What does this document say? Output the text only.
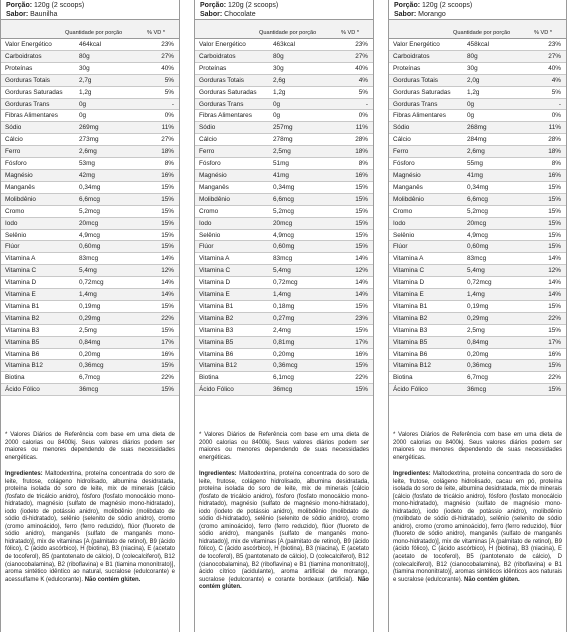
Porção: 120g (2 scoops)
Sabor: Baunilha
Quantidade por porção	% VD *
Valor Energético	464kcal	23%
Carboidratos	80g	27%
Proteínas	30g	40%
Gorduras Totais	2,7g	5%
Gorduras Saturadas	1,2g	5%
Gorduras Trans	0g	-
Fibras Alimentares	0g	0%
Sódio	269mg	11%
Cálcio	273mg	27%
Ferro	2,6mg	18%
Fósforo	53mg	8%
Magnésio	42mg	16%
Manganês	0,34mg	15%
Molibdênio	6,6mcg	15%
Cromo	5,2mcg	15%
Iodo	20mcg	15%
Selênio	4,9mcg	15%
Flúor	0,60mg	15%
Vitamina A	83mcg	14%
Vitamina C	5,4mg	12%
Vitamina D	0,72mcg	14%
Vitamina E	1,4mg	14%
Vitamina B1	0,19mg	15%
Vitamina B2	0,29mg	22%
Vitamina B3	2,5mg	15%
Vitamina B5	0,84mg	17%
Vitamina B6	0,20mg	16%
Vitamina B12	0,36mcg	15%
Biotina	6,7mcg	22%
Ácido Fólico	36mcg	15%
* Valores Diários de Referência com base em uma dieta de 2000 calorias ou 8400kj. Seus valores diários podem ser maiores ou menores dependendo de suas necessidades energéticas.
Ingredientes: Maltodextrina, proteína concentrada do soro de leite, frutose, colágeno hidrolisado, albumina desidratada, proteína isolada do soro de leite, mix de minerais [cálcio (fosfato de tricálcio anidro), fósforo (fosfato monocálcio mono-hidratado), magnésio (sulfato de magnésio mono-hidratado), iodo (iodeto de potássio anidro), molibdênio (molibdato de sódio di-hidratado), selênio (selenito de sódio anidro), cromo (cromo aminoácido), ferro (ferro reduzido), flúor (fluoreto de sódio anidro), manganês (sulfato de manganês mono-hidratado)], mix de vitaminas [A (palmitato de retinol), B9 (ácido fólico), C (ácido ascórbico), H (biotina), B3 (niacina), E (acetato de tocoferol), B5 (pantotenato de cálcio), D (colecalciferol), B12 (cianocobalamina), B2 (riboflavina) e B1 (tiamina mononitrato)], aroma sintético idêntico ao natural, sucralose (edulcorante) e acessulfame K (edulcorante). Não contém glúten.
Porção: 120g (2 scoops)
Sabor: Chocolate
Quantidade por porção	% VD *
Valor Energético	463kcal	23%
Carboidratos	80g	27%
Proteínas	30g	40%
Gorduras Totais	2,6g	4%
Gorduras Saturadas	1,2g	5%
Gorduras Trans	0g	-
Fibras Alimentares	0g	0%
Sódio	257mg	11%
Cálcio	278mg	28%
Ferro	2,5mg	18%
Fósforo	51mg	8%
Magnésio	41mg	16%
Manganês	0,34mg	15%
Molibdênio	6,6mcg	15%
Cromo	5,2mcg	15%
Iodo	20mcg	15%
Selênio	4,9mcg	15%
Flúor	0,60mg	15%
Vitamina A	83mcg	14%
Vitamina C	5,4mg	12%
Vitamina D	0,72mcg	14%
Vitamina E	1,4mg	14%
Vitamina B1	0,18mg	15%
Vitamina B2	0,27mg	23%
Vitamina B3	2,4mg	15%
Vitamina B5	0,81mg	17%
Vitamina B6	0,20mg	16%
Vitamina B12	0,36mcg	15%
Biotina	6,1mcg	22%
Ácido Fólico	36mcg	15%
* Valores Diários de Referência com base em uma dieta de 2000 calorias ou 8400kj. Seus valores diários podem ser maiores ou menores dependendo de suas necessidades energéticas.
Ingredientes: Maltodextrina, proteína concentrada do soro de leite, frutose, colágeno hidrolisado, albumina desidratada, proteína isolada do soro de leite, mix de minerais [cálcio (fosfato de tricálcio anidro), fósforo (fosfato monocálcio mono-hidratado), magnésio (sulfato de magnésio mono-hidratado), iodo (iodeto de potássio anidro), molibdênio (molibdato de sódio di-hidratado), selênio (selenito de sódio anidro), cromo (cromo aminoácido), ferro (ferro reduzido), flúor (fluoreto de sódio anidro), manganês (sulfato de manganês mono-hidratado)], mix de vitaminas [A (palmitato de retinol), B9 (ácido fólico), C (ácido ascórbico), H (biotina), B3 (niacina), E (acetato de tocoferol), B5 (pantotenato de cálcio), D (colecalciferol), B12 (cianocobalamina), B2 (riboflavina) e B1 (tiamina mononitrato)], ácido cítrico (acidulante), aroma artificial de morango, sucralose (edulcorante) e corante bordeaux (artificial). Não contém glúten.
Porção: 120g (2 scoops)
Sabor: Morango
Quantidade por porção	% VD *
Valor Energético	458kcal	23%
Carboidratos	80g	27%
Proteínas	30g	40%
Gorduras Totais	2,0g	4%
Gorduras Saturadas	1,2g	5%
Gorduras Trans	0g	-
Fibras Alimentares	0g	0%
Sódio	268mg	11%
Cálcio	284mg	28%
Ferro	2,6mg	18%
Fósforo	55mg	8%
Magnésio	41mg	16%
Manganês	0,34mg	15%
Molibdênio	6,6mcg	15%
Cromo	5,2mcg	15%
Iodo	20mcg	15%
Selênio	4,9mcg	15%
Flúor	0,60mg	15%
Vitamina A	83mcg	14%
Vitamina C	5,4mg	12%
Vitamina D	0,72mcg	14%
Vitamina E	1,4mg	14%
Vitamina B1	0,19mg	15%
Vitamina B2	0,29mg	22%
Vitamina B3	2,5mg	15%
Vitamina B5	0,84mg	17%
Vitamina B6	0,20mg	16%
Vitamina B12	0,36mcg	15%
Biotina	6,7mcg	22%
Ácido Fólico	36mcg	15%
* Valores Diários de Referência com base em uma dieta de 2000 calorias ou 8400kj. Seus valores diários podem ser maiores ou menores dependendo de suas necessidades energéticas.
Ingredientes: Maltodextrina, proteína concentrada do soro de leite, frutose, colágeno hidrolisado, cacau em pó, proteína isolada do soro de leite, albumina desidratada, mix de minerais [cálcio (fosfato de tricálcio anidro), fósforo (fosfato monocálcio mono-hidratado), magnésio (sulfato de magnésio mono-hidratado), iodo (iodeto de potássio anidro), molibdênio (molibdato de sódio di-hidratado), selênio (selenito de sódio anidro), cromo (cromo aminoácido), ferro (ferro reduzido), flúor (fluoreto de sódio anidro), manganês (sulfato de manganês mono-hidratado)], mix de vitaminas [A (palmitato de retinol), B9 (ácido fólico), C (ácido ascórbico), H (biotina), B3 (niacina), E (acetato de tocoferol), B5 (pantotenato de cálcio), D (colecalciferol), B12 (cianocobalamina), B2 (riboflavina) e B1 (tiamina mononitrato)], aromas sintéticos idênticos aos naturais e sucralose (edulcorante). Não contém glúten.
